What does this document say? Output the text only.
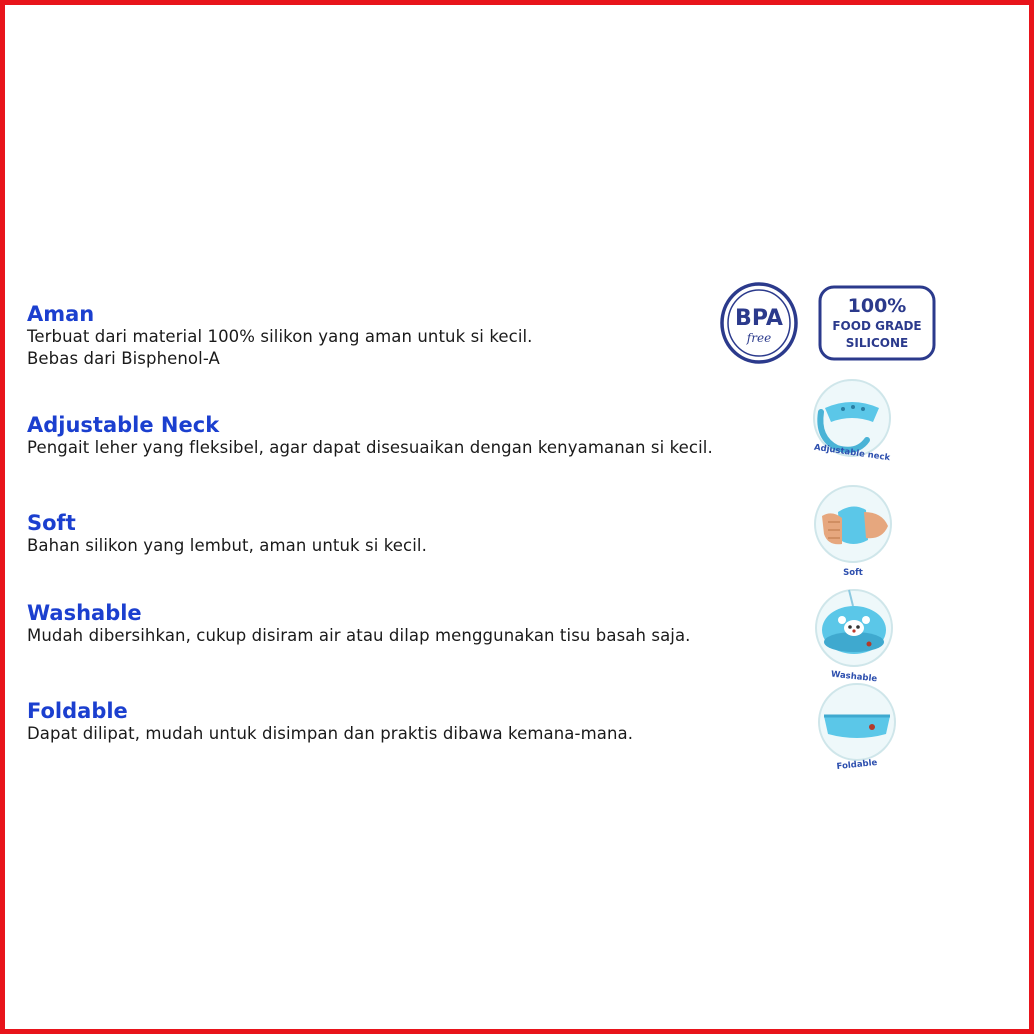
Aman
Terbuat dari material 100% silikon yang aman untuk si kecil.
Bebas dari Bisphenol-A
Adjustable Neck
Pengait leher yang fleksibel, agar dapat disesuaikan dengan kenyamanan si kecil.
Soft
Bahan silikon yang lembut, aman untuk si kecil.
Washable
Mudah dibersihkan, cukup disiram air atau dilap menggunakan tisu basah saja.
Foldable
Dapat dilipat, mudah untuk disimpan dan praktis dibawa kemana-mana.
BPA
free
100%
FOOD GRADE
SILICONE
Adjustable neck
Soft
Washable
Foldable
